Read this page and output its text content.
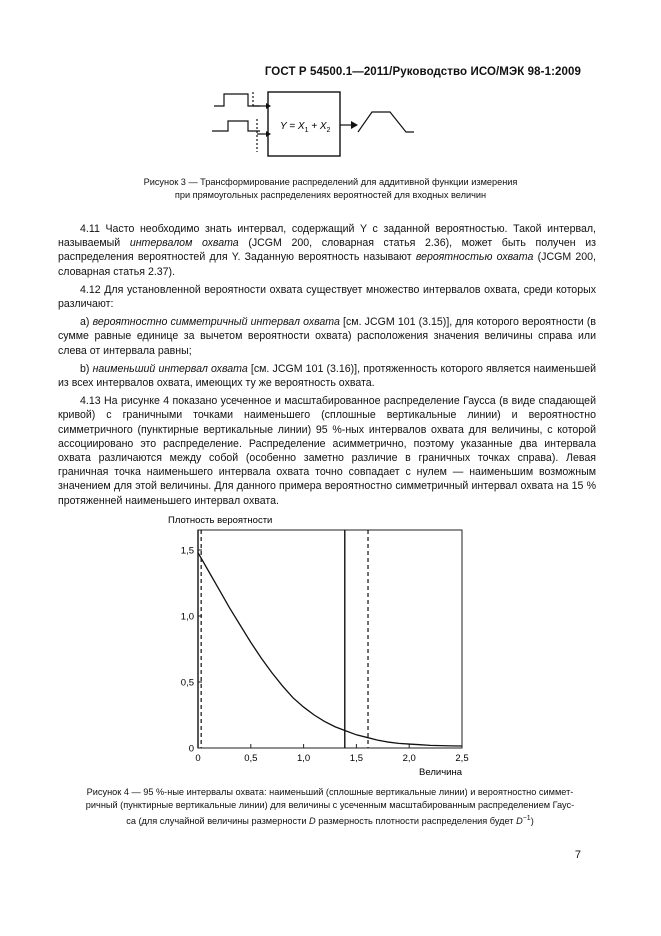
ГОСТ Р 54500.1—2011/Руководство ИСО/МЭК 98-1:2009
$Y = X_1 + X_2$
Рисунок 3 — Трансформирование распределений для аддитивной функции измерения
при прямоугольных распределениях вероятностей для входных величин

4.11 Часто необходимо знать интервал, содержащий Y с заданной вероятностью. Такой интервал, называемый интервалом охвата (JCGM 200, словарная статья 2.36), может быть получен из распределения вероятностей для Y. Заданную вероятность называют вероятностью охвата (JCGM 200, словарная статья 2.37).

4.12 Для установленной вероятности охвата существует множество интервалов охвата, среди которых различают:

а) вероятностно симметричный интервал охвата [см. JCGM 101 (3.15)], для которого вероятности (в сумме равные единице за вычетом вероятности охвата) расположения значения величины справа или слева от интервала равны;

b) наименьший интервал охвата [см. JCGM 101 (3.16)], протяженность которого является наименьшей из всех интервалов охвата, имеющих ту же вероятность охвата.

4.13 На рисунке 4 показано усеченное и масштабированное распределение Гаусса (в виде спадающей кривой) с граничными точками наименьшего (сплошные вертикальные линии) и вероятностно симметричного (пунктирные вертикальные линии) 95 %-ных интервалов охвата для величины, с которой ассоциировано это распределение. Распределение асимметрично, поэтому указанные два интервала охвата различаются между собой (особенно заметно различие в граничных точках справа). Левая граничная точка наименьшего интервала охвата точно совпадает с нулем — наименьшим возможным значением для этой величины. Для данного примера вероятностно симметричный интервал охвата на 15 % протяженней наименьшего интервал охвата.

Плотность вероятности
Величина
0	0,5	1,0	1,5	2,0	2,5
0
0,5
1,0
1,5
Рисунок 4 — 95 %-ные интервалы охвата: наименьший (сплошные вертикальные линии) и вероятностно симмет-
ричный (пунктирные вертикальные линии) для величины с усеченным масштабированным распределением Гаус-
са (для случайной величины размерности D размерность плотности распределения будет $D^{-1}$)
7
